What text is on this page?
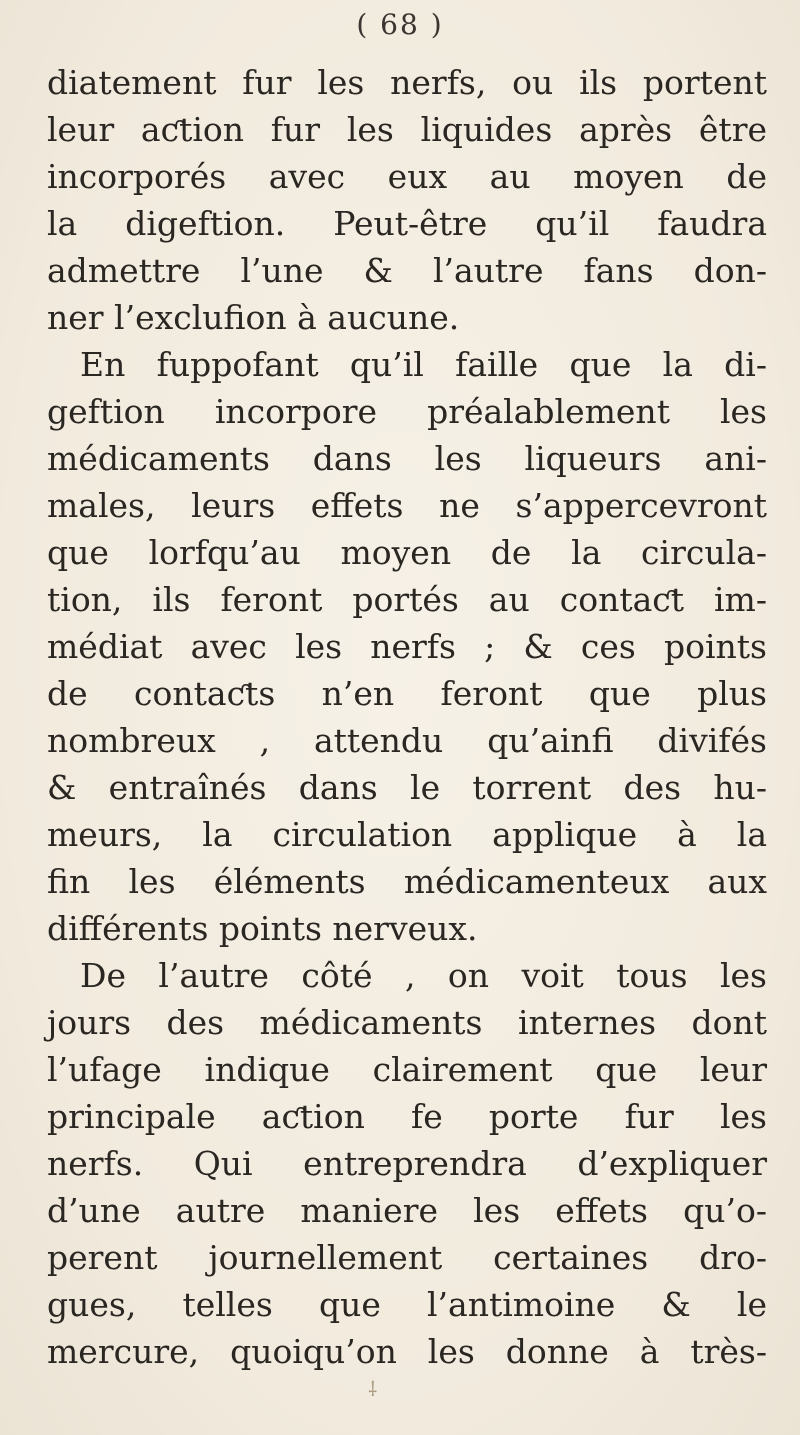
( 68 )
diatement fur les nerfs, ou ils portent
leur aƈtion fur les liquides après être
incorporés avec eux au moyen de
la digeftion. Peut-être qu’il faudra
admettre l’une & l’autre fans don-
ner l’exclufion à aucune.
En fuppofant qu’il faille que la di-
geftion incorpore préalablement les
médicaments dans les liqueurs ani-
males, leurs effets ne s’appercevront
que lorfqu’au moyen de la circula-
tion, ils feront portés au contaƈt im-
médiat avec les nerfs ; & ces points
de contaƈts n’en feront que plus
nombreux , attendu qu’ainfi divifés
& entraînés dans le torrent des hu-
meurs, la circulation applique à la
fin les éléments médicamenteux aux
différents points nerveux.
De l’autre côté , on voit tous les
jours des médicaments internes dont
l’ufage indique clairement que leur
principale aƈtion fe porte fur les
nerfs. Qui entreprendra d’expliquer
d’une autre maniere les effets qu’o-
perent journellement certaines dro-
gues, telles que l’antimoine & le
mercure, quoiqu’on les donne à très-
⸸
